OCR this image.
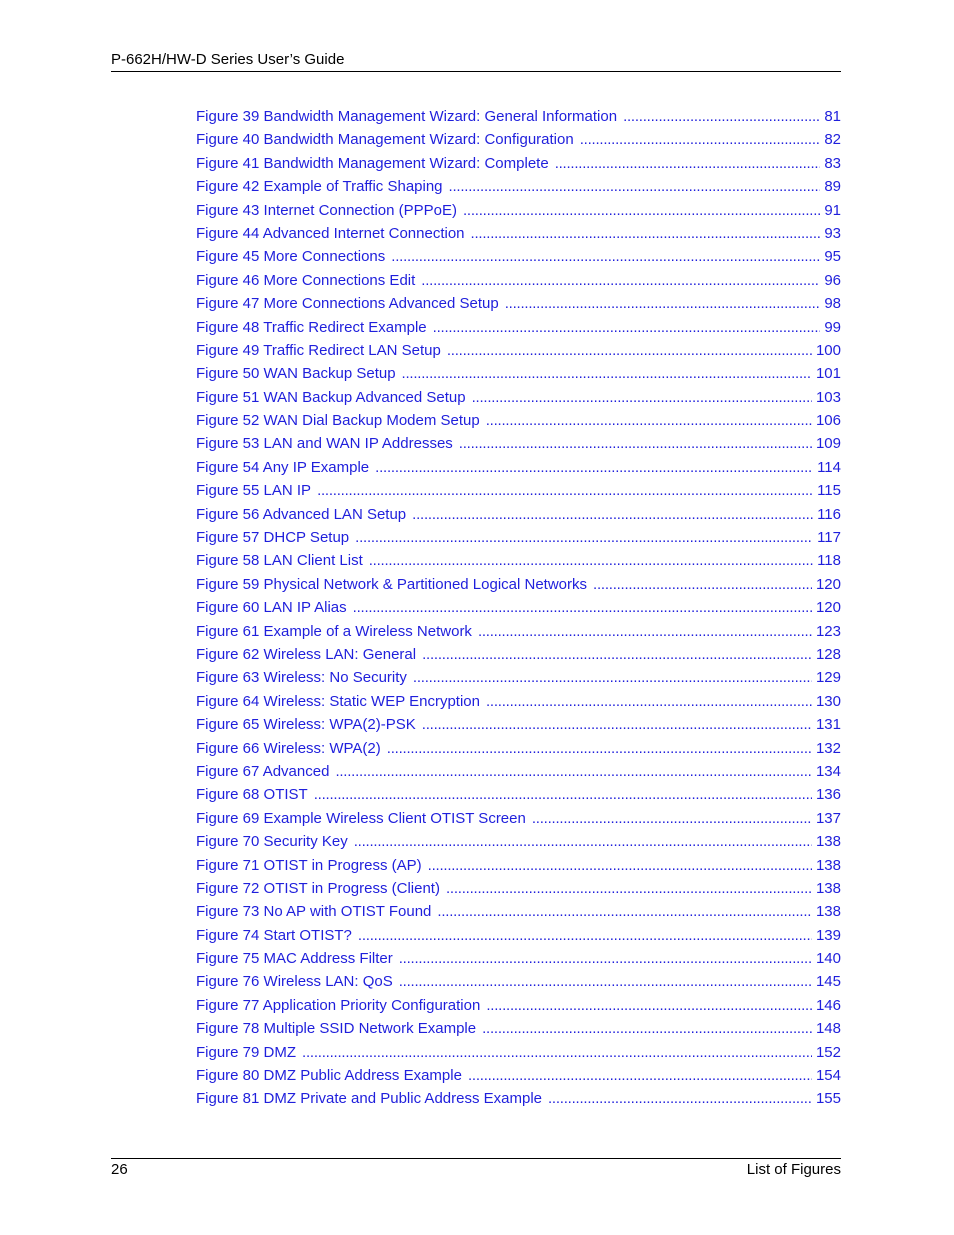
P-662H/HW-D Series User’s Guide
Figure 39 Bandwidth Management Wizard: General Information . . .	81
Figure 40 Bandwidth Management Wizard: Configuration . . .	82
Figure 41 Bandwidth Management Wizard: Complete . . .	83
Figure 42 Example of Traffic Shaping . . .	89
Figure 43 Internet Connection (PPPoE) . . .	91
Figure 44 Advanced Internet Connection . . .	93
Figure 45 More Connections . . .	95
Figure 46 More Connections Edit . . .	96
Figure 47 More Connections Advanced Setup . . .	98
Figure 48 Traffic Redirect Example . . .	99
Figure 49 Traffic Redirect LAN Setup . . .	100
Figure 50 WAN Backup Setup . . .	101
Figure 51 WAN Backup Advanced Setup . . .	103
Figure 52 WAN Dial Backup Modem Setup . . .	106
Figure 53 LAN and WAN IP Addresses . . .	109
Figure 54 Any IP Example . . .	114
Figure 55 LAN IP . . .	115
Figure 56 Advanced LAN Setup . . .	116
Figure 57 DHCP Setup . . .	117
Figure 58 LAN Client List . . .	118
Figure 59 Physical Network & Partitioned Logical Networks . . .	120
Figure 60 LAN IP Alias . . .	120
Figure 61 Example of a Wireless Network . . .	123
Figure 62 Wireless LAN: General . . .	128
Figure 63 Wireless: No Security . . .	129
Figure 64 Wireless: Static WEP Encryption . . .	130
Figure 65 Wireless: WPA(2)-PSK . . .	131
Figure 66 Wireless: WPA(2) . . .	132
Figure 67 Advanced . . .	134
Figure 68 OTIST . . .	136
Figure 69 Example Wireless Client OTIST Screen . . .	137
Figure 70 Security Key . . .	138
Figure 71 OTIST in Progress (AP) . . .	138
Figure 72 OTIST in Progress (Client) . . .	138
Figure 73 No AP with OTIST Found . . .	138
Figure 74 Start OTIST? . . .	139
Figure 75 MAC Address Filter . . .	140
Figure 76 Wireless LAN: QoS . . .	145
Figure 77 Application Priority Configuration . . .	146
Figure 78 Multiple SSID Network Example . . .	148
Figure 79 DMZ . . .	152
Figure 80 DMZ Public Address Example . . .	154
Figure 81 DMZ Private and Public Address Example . . .	155
26	List of Figures
